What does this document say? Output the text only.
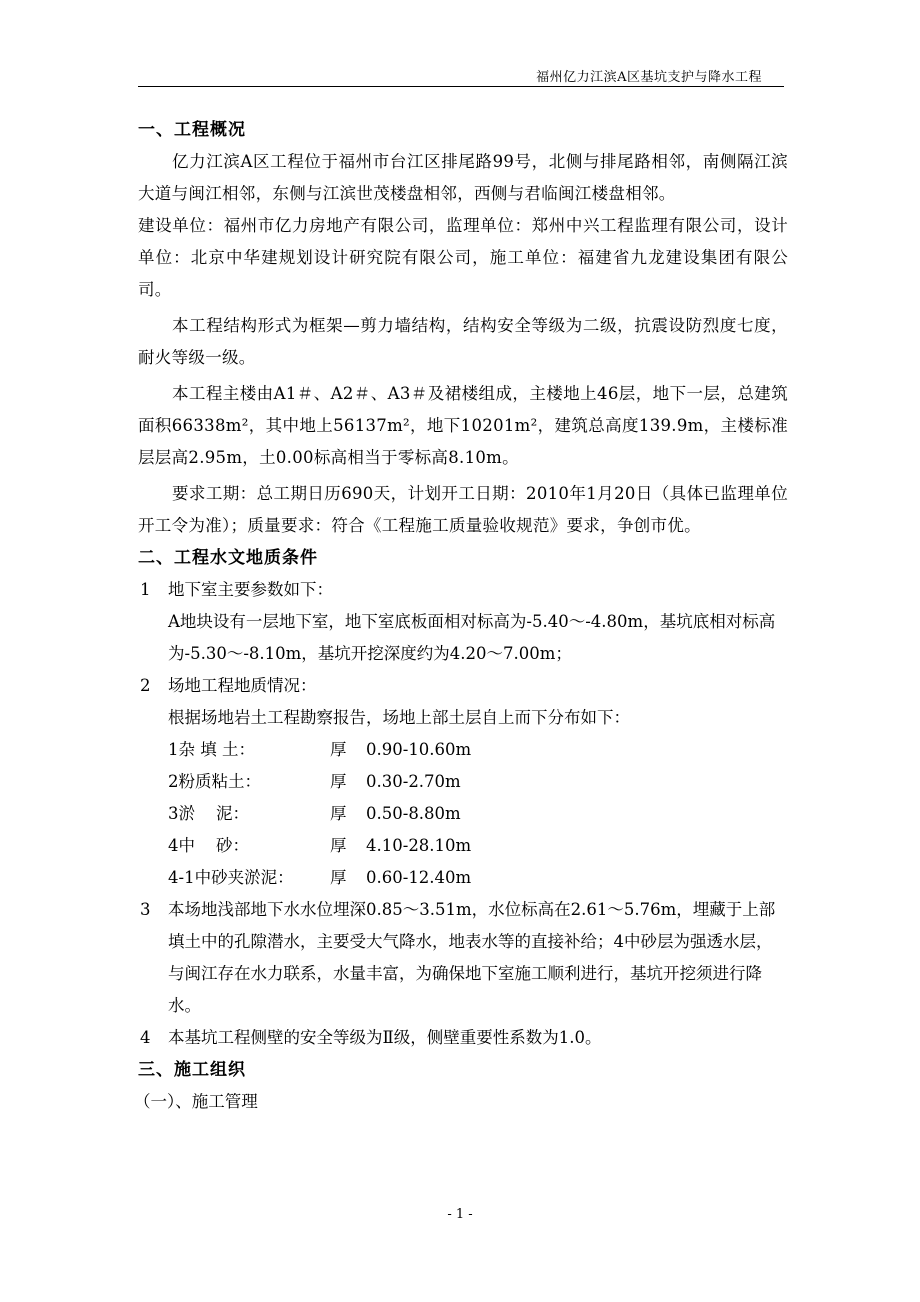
福州亿力江滨A区基坑支护与降水工程
一、工程概况
亿力江滨A区工程位于福州市台江区排尾路99号，北侧与排尾路相邻，南侧隔江滨大道与闽江相邻，东侧与江滨世茂楼盘相邻，西侧与君临闽江楼盘相邻。
建设单位：福州市亿力房地产有限公司，监理单位：郑州中兴工程监理有限公司，设计单位：北京中华建规划设计研究院有限公司，施工单位：福建省九龙建设集团有限公司。
本工程结构形式为框架—剪力墙结构，结构安全等级为二级，抗震设防烈度七度，耐火等级一级。
本工程主楼由A1＃、A2＃、A3＃及裙楼组成，主楼地上46层，地下一层，总建筑面积66338m²，其中地上56137m²，地下10201m²，建筑总高度139.9m，主楼标准层层高2.95m，土0.00标高相当于零标高8.10m。
要求工期：总工期日历690天，计划开工日期：2010年1月20日（具体已监理单位开工令为准）；质量要求：符合《工程施工质量验收规范》要求，争创市优。
二、工程水文地质条件
1 地下室主要参数如下：
A地块设有一层地下室，地下室底板面相对标高为-5.40～-4.80m，基坑底相对标高为-5.30～-8.10m，基坑开挖深度约为4.20～7.00m；
2 场地工程地质情况：
根据场地岩土工程勘察报告，场地上部土层自上而下分布如下：
1杂 填 土：	厚 0.90-10.60m
2粉质粘土：	厚 0.30-2.70m
3淤    泥：	厚 0.50-8.80m
4中    砂：	厚 4.10-28.10m
4-1中砂夹淤泥： 厚 0.60-12.40m
3 本场地浅部地下水水位埋深0.85～3.51m，水位标高在2.61～5.76m，埋藏于上部填土中的孔隙潜水，主要受大气降水，地表水等的直接补给；4中砂层为强透水层，与闽江存在水力联系，水量丰富，为确保地下室施工顺利进行，基坑开挖须进行降水。
4 本基坑工程侧壁的安全等级为Ⅱ级，侧壁重要性系数为1.0。
三、施工组织
（一）、施工管理
- 1 -
